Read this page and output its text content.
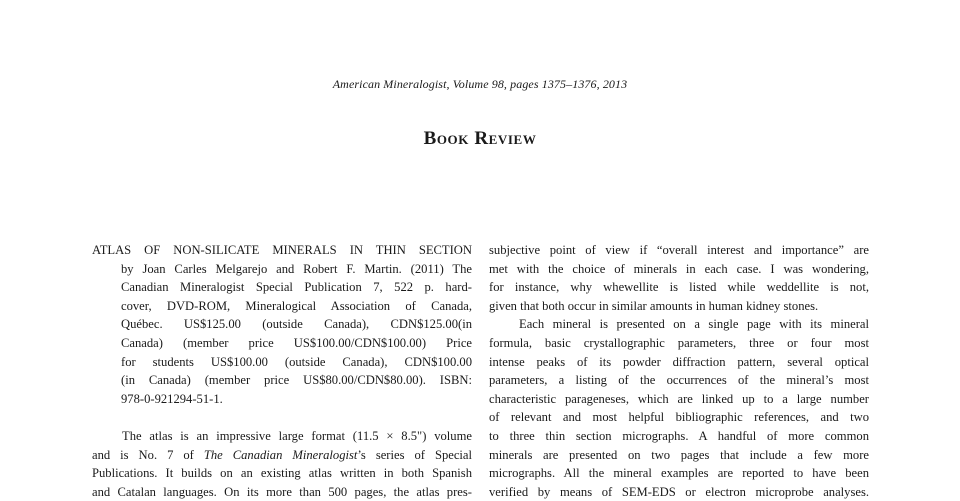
American Mineralogist, Volume 98, pages 1375–1376, 2013
Book Review
ATLAS OF NON-SILICATE MINERALS IN THIN SECTION
by Joan Carles Melgarejo and Robert F. Martin. (2011) The
Canadian Mineralogist Special Publication 7, 522 p. hard-
cover, DVD-ROM, Mineralogical Association of Canada,
Québec. US$125.00 (outside Canada), CDN$125.00(in
Canada) (member price US$100.00/CDN$100.00) Price
for students US$100.00 (outside Canada), CDN$100.00
(in Canada) (member price US$80.00/CDN$80.00). ISBN:
978-0-921294-51-1.
The atlas is an impressive large format (11.5 × 8.5") volume
and is No. 7 of The Canadian Mineralogist’s series of Special
Publications. It builds on an existing atlas written in both Spanish
and Catalan languages. On its more than 500 pages, the atlas pres-
subjective point of view if “overall interest and importance” are
met with the choice of minerals in each case. I was wondering,
for instance, why whewellite is listed while weddellite is not,
given that both occur in similar amounts in human kidney stones.
Each mineral is presented on a single page with its mineral
formula, basic crystallographic parameters, three or four most
intense peaks of its powder diffraction pattern, several optical
parameters, a listing of the occurrences of the mineral’s most
characteristic parageneses, which are linked up to a large number
of relevant and most helpful bibliographic references, and two
to three thin section micrographs. A handful of more common
minerals are presented on two pages that include a few more
micrographs. All the mineral examples are reported to have been
verified by means of SEM-EDS or electron microprobe analyses.
